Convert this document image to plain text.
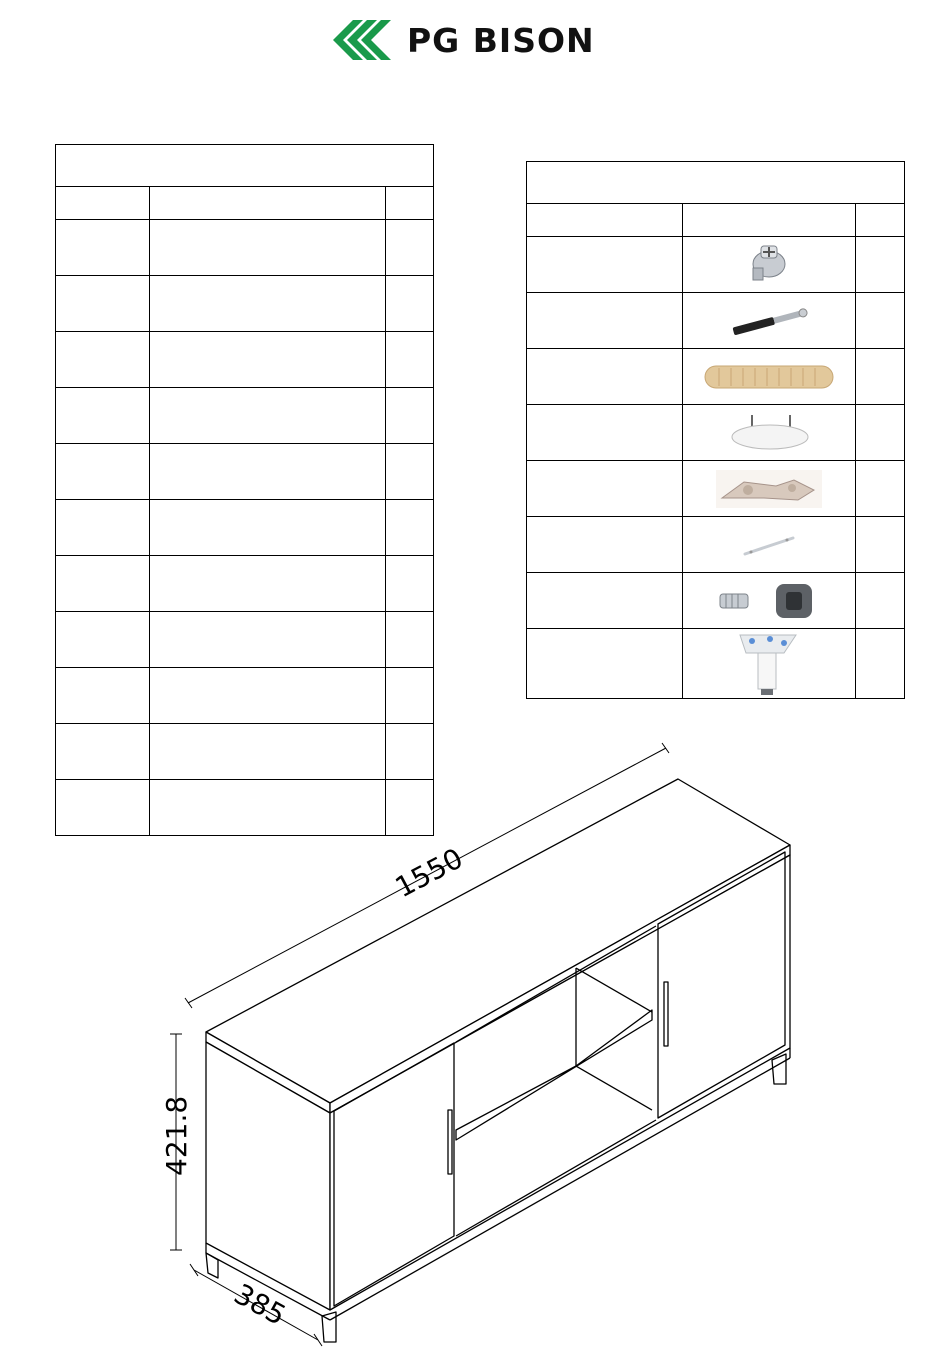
PG BISON

1550
421.8
385
